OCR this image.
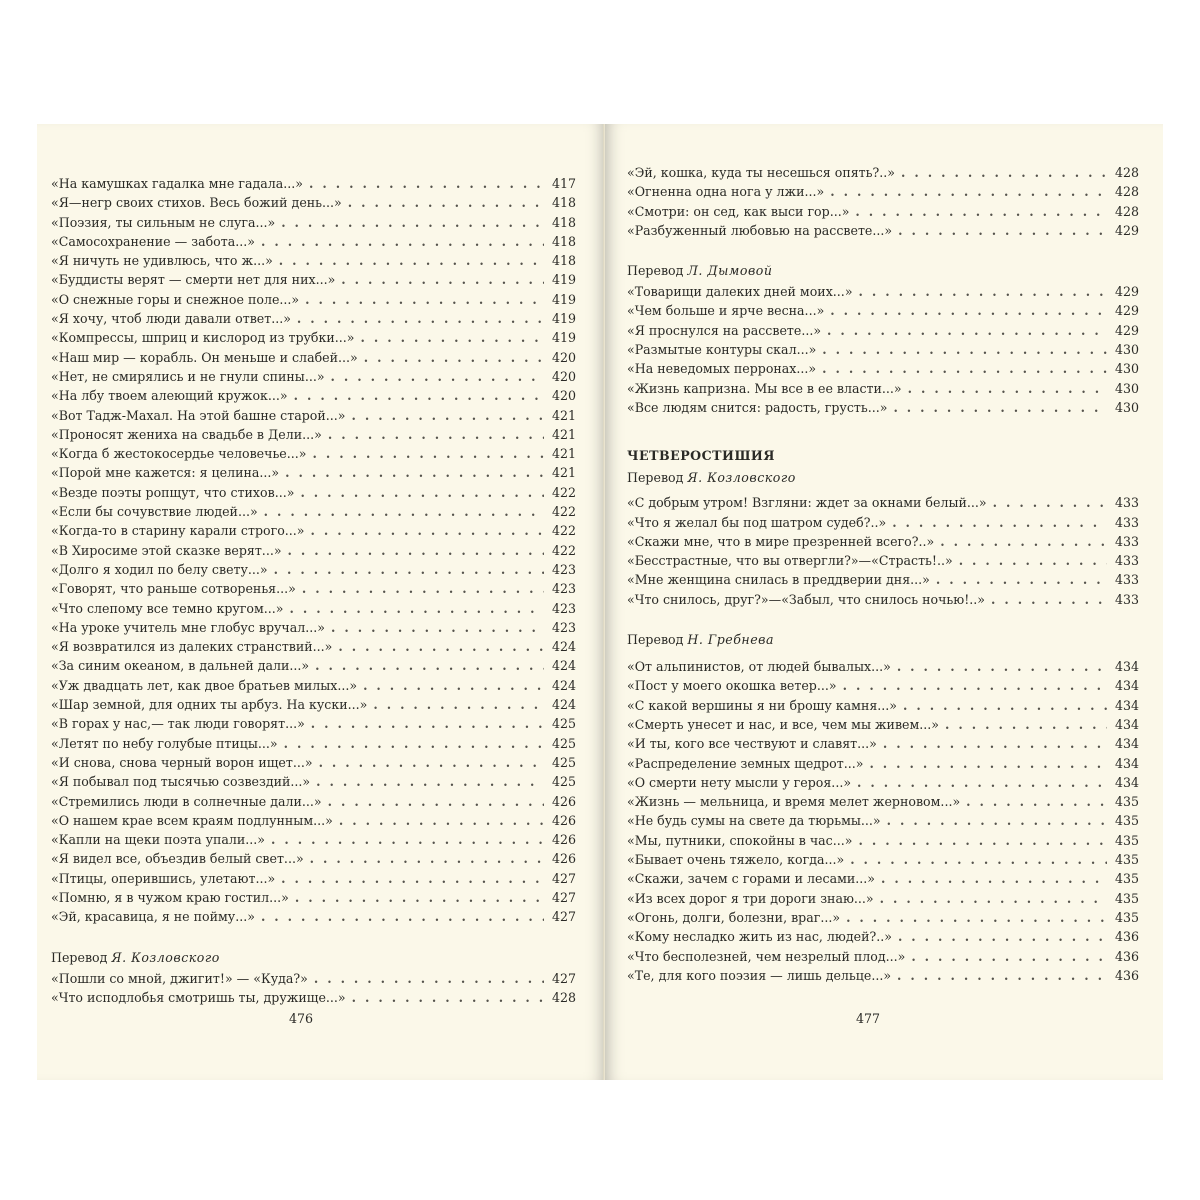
«На камушках гадалка мне гадала...» . . .	417
«Я—негр своих стихов. Весь божий день...» . . .	418
«Поэзия, ты сильным не слуга...» . . .	418
«Самосохранение — забота...» . . .	418
«Я ничуть не удивлюсь, что ж...» . . .	418
«Буддисты верят — смерти нет для них...» . . .	419
«О снежные горы и снежное поле...» . . .	419
«Я хочу, чтоб люди давали ответ...» . . .	419
«Компрессы, шприц и кислород из трубки...» . . .	419
«Наш мир — корабль. Он меньше и слабей...» . . .	420
«Нет, не смирялись и не гнули спины...» . . .	420
«На лбу твоем алеющий кружок...» . . .	420
«Вот Тадж-Махал. На этой башне старой...» . . .	421
«Проносят жениха на свадьбе в Дели...» . . .	421
«Когда б жестокосердье человечье...» . . .	421
«Порой мне кажется: я целина...» . . .	421
«Везде поэты ропщут, что стихов...» . . .	422
«Если бы сочувствие людей...» . . .	422
«Когда-то в старину карали строго...» . . .	422
«В Хиросиме этой сказке верят...» . . .	422
«Долго я ходил по белу свету...» . . .	423
«Говорят, что раньше сотворенья...» . . .	423
«Что слепому все темно кругом...» . . .	423
«На уроке учитель мне глобус вручал...» . . .	423
«Я возвратился из далеких странствий...» . . .	424
«За синим океаном, в дальней дали...» . . .	424
«Уж двадцать лет, как двое братьев милых...» . . .	424
«Шар земной, для одних ты арбуз. На куски...» . . .	424
«В горах у нас,— так люди говорят...» . . .	425
«Летят по небу голубые птицы...» . . .	425
«И снова, снова черный ворон ищет...» . . .	425
«Я побывал под тысячью созвездий...» . . .	425
«Стремились люди в солнечные дали...» . . .	426
«О нашем крае всем краям подлунным...» . . .	426
«Капли на щеки поэта упали...» . . .	426
«Я видел все, объездив белый свет...» . . .	426
«Птицы, оперившись, улетают...» . . .	427
«Помню, я в чужом краю гостил...» . . .	427
«Эй, красавица, я не пойму...» . . .	427
Перевод Я. Козловского
«Пошли со мной, джигит!» — «Куда?» . . .	427
«Что исподлобья смотришь ты, дружище...» . . .	428
476
«Эй, кошка, куда ты несешься опять?..» . . .	428
«Огненна одна нога у лжи...» . . .	428
«Смотри: он сед, как выси гор...» . . .	428
«Разбуженный любовью на рассвете...» . . .	429
Перевод Л. Дымовой
«Товарищи далеких дней моих...» . . .	429
«Чем больше и ярче весна...» . . .	429
«Я проснулся на рассвете...» . . .	429
«Размытые контуры скал...» . . .	430
«На неведомых перронах...» . . .	430
«Жизнь капризна. Мы все в ее власти...» . . .	430
«Все людям снится: радость, грусть...» . . .	430
ЧЕТВЕРОСТИШИЯ
Перевод Я. Козловского
«С добрым утром! Взгляни: ждет за окнами белый...» . . .	433
«Что я желал бы под шатром судеб?..» . . .	433
«Скажи мне, что в мире презренней всего?..» . . .	433
«Бесстрастные, что вы отвергли?»—«Страсть!..» . . .	433
«Мне женщина снилась в преддверии дня...» . . .	433
«Что снилось, друг?»—«Забыл, что снилось ночью!..» . . .	433
Перевод Н. Гребнева
«От альпинистов, от людей бывалых...» . . .	434
«Пост у моего окошка ветер...» . . .	434
«С какой вершины я ни брошу камня...» . . .	434
«Смерть унесет и нас, и все, чем мы живем...» . . .	434
«И ты, кого все чествуют и славят...» . . .	434
«Распределение земных щедрот...» . . .	434
«О смерти нету мысли у героя...» . . .	434
«Жизнь — мельница, и время мелет жерновом...» . . .	435
«Не будь сумы на свете да тюрьмы...» . . .	435
«Мы, путники, спокойны в час...» . . .	435
«Бывает очень тяжело, когда...» . . .	435
«Скажи, зачем с горами и лесами...» . . .	435
«Из всех дорог я три дороги знаю...» . . .	435
«Огонь, долги, болезни, враг...» . . .	435
«Кому несладко жить из нас, людей?..» . . .	436
«Что бесполезней, чем незрелый плод...» . . .	436
«Те, для кого поэзия — лишь дельце...» . . .	436
477
